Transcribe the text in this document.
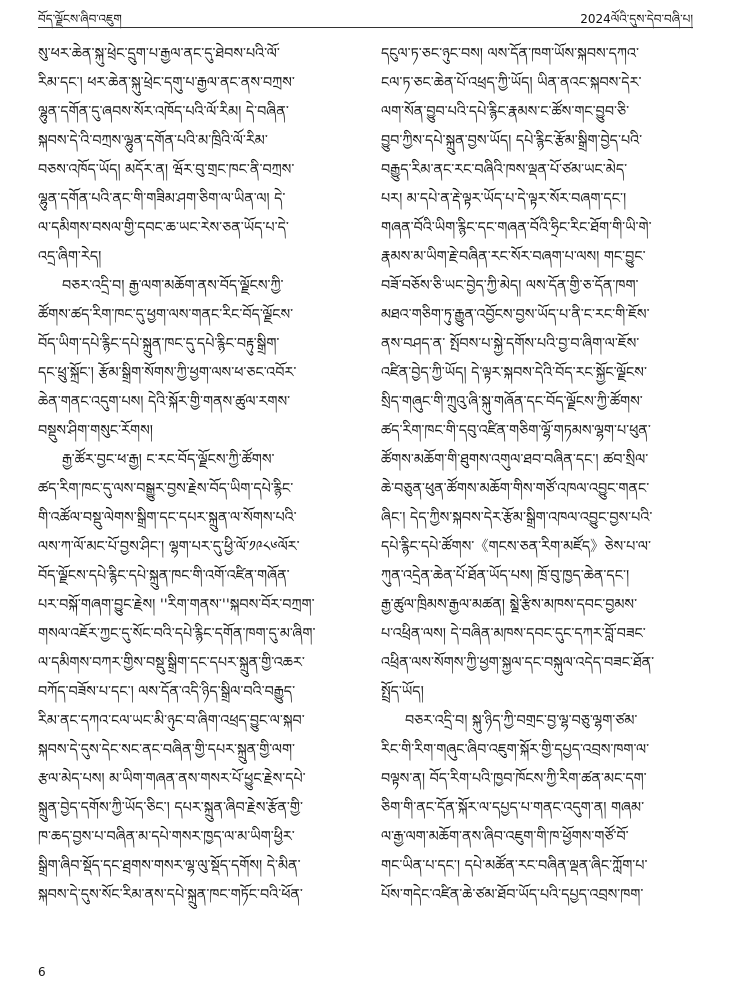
བོད་ལྗོངས་ཞིབ་འཇུག	2024ལོའི་དུས་དེབ་བཞི་པ།
སུ་ཕར་ཆེན་སྐུ་ཕྲེང་དྲུག་པ་རྒྱལ་ནང་དུ་ཐེབས་པའི་ལོ་
རིམ་དང་། ཕར་ཆེན་སྐུ་ཕྲེང་དགུ་པ་རྒྱལ་ནང་ནས་བཀྲས་
ལྷུན་དགོན་དུ་ཞབས་སོར་འཁོད་པའི་ལོ་རིམ། དེ་བཞིན་
སྐབས་དེ་འི་བཀྲས་ལྷུན་དགོན་པའི་མ་ཁྲིའི་ལོ་རིམ་
བཅས་འཁོད་ཡོད། མདོར་ན། ཝོར་བུ་གྲང་ཁང་ནི་བཀྲས་
ལྷུན་དགོན་པའི་ནང་གི་གཟིམ་ཤག་ཅིག་ལ་ཡིན་ལ། དེ་
ལ་དམིགས་བསལ་གྱི་དབང་ཆ་ཡང་རེས་ཅན་ཡོད་པ་དེ་
འདྲ་ཞིག་རེད།
བཅར་འདྲི་བ། རྒྱ་ལག་མཆོག་ནས་བོད་ལྗོངས་ཀྱི་
ཚོགས་ཚད་རིག་ཁང་དུ་ཕྱག་ལས་གནང་རིང་བོད་ལྗོངས་
བོད་ཡིག་དཔེ་རྙིང་དཔེ་སྐྲུན་ཁང་དུ་དཔེ་རྙིང་བརྟུ་སྒྲིག་
དང་ཕྲུ་སྐྲོང་། རྩོམ་སྒྲིག་སོགས་ཀྱི་ཕྱག་ལས་ཕ་ཅང་འབོར་
ཆེན་གནང་འདུག་པས། དེའི་སྐོར་གྱི་གནས་ཚུལ་རགས་
བསྡུས་ཤིག་གསུང་རོགས།
རྒྱ་ཚོར་བྱང་ཕ་རྒྱ། ང་རང་བོད་ལྗོངས་ཀྱི་ཚོགས་
ཚད་རིག་ཁང་དུ་ལས་བསྒྱུར་བྱས་རྗེས་བོད་ཡིག་དཔེ་རྙིང་
གི་འཚོལ་བསྡུ་ལེགས་སྒྲིག་དང་དཔར་སྐྲུན་ལ་སོགས་པའི་
ལས་ཀ་ལོ་མང་པོ་བྱས་ཤིང་། ལྷག་པར་དུ་ཕྱི་ལོ་༡༩༨༦ལོར་
བོད་ལྗོངས་དཔེ་རྙིང་དཔེ་སྐྲུན་ཁང་གི་འགོ་འཛིན་གཞོན་
པར་བསྐོ་གཞག་བྱུང་རྗེས། ''རིག་གནས་''སྐབས་བོར་བཀྲག་
གསལ་འཇོར་ཀྱང་དུ་སོང་བའི་དཔེ་རྙིང་དགོན་ཁག་དུ་མ་ཞིག་
ལ་དམིགས་བཀར་གྱིས་བསྡུ་སྒྲིག་དང་དཔར་སྐྲུན་གྱི་འཆར་
བཀོད་བཟོས་པ་དང་། ལས་དོན་འདི་ཉིད་སྒྲིལ་བའི་བརྒྱུད་
རིམ་ནང་དཀའ་ངལ་ཡང་མི་ཉུང་བ་ཞིག་འཕྲད་བྱུང་ལ་སྐབ་
སྐབས་དེ་དུས་དེང་སང་ནང་བཞིན་གྱི་དཔར་སྐྲུན་གྱི་ལག་
རྩལ་མེད་པས། མ་ཡིག་གཞན་ནས་གསར་པོ་ཕྱུང་རྗེས་དཔེ་
སྐྲུན་བྱེད་དགོས་ཀྱི་ཡོད་ཅིང་། དཔར་སྐྲུན་ཞིབ་རྗེས་རྩོན་གྱི་
ཁ་ཆད་བྱས་པ་བཞིན་མ་དཔེ་གསར་ཁྱད་ལ་མ་ཡིག་ཕྱིར་
སྒྲིག་ཞིབ་སྡོད་དང་ཐྲགས་གསར་ལྷ་ལུ་སྡོད་དགོས། དེ་མིན་
སྐབས་དེ་དུས་སོང་རིམ་ནས་དཔེ་སྐྲུན་ཁང་གཏོང་བའི་ཕོན་
དངུལ་ཏ་ཅང་ཉུང་བས། ལས་དོན་ཁག་ཡོས་སྐབས་དཀའ་
ངལ་ཏ་ཅང་ཆེན་པོ་འཕྲད་ཀྱི་ཡོད། ཡིན་ནའང་སྐབས་དེར་
ལག་སོན་བྱུབ་པའི་དཔེ་རྙིང་རྣམས་ང་ཚོས་གང་བྱུབ་ཅི་
བྱུབ་ཀྱིས་དཔེ་སྐྲུན་བྱས་ཡོད། དཔེ་རྙིང་རྩོམ་སྒྲིག་བྱེད་པའི་
བརྒྱུད་རིམ་ནང་རང་བཞིའི་ཁས་ལྡན་པོ་ཙམ་ཡང་མེད་
པར། མ་དཔེ་ན་རྡེ་ལྟར་ཡོད་པ་དེ་ལྟར་སོར་བཞག་དང་།
གཞན་བོའི་ཡིག་རྙིང་དང་གཞན་བོའི་ཧྲིང་རིང་ཐོག་གི་ཡི་གེ་
རྣམས་མ་ཡིག་རྗེ་བཞིན་རང་སོར་བཞག་པ་ལས། གང་བྱུང་
བཟོ་བཅོས་ཅི་ཡང་བྱེད་ཀྱི་མེད། ལས་དོན་གྱི་ཅ་དོན་ཁག་
མཐའ་གཅིག་ཏུ་རྒྱུན་འབྱོངས་བྱས་ཡོད་པ་ནི་ང་རང་གི་ཇོས་
ནས་བཤད་ན་ སྤོབས་པ་སྐྱེ་དགོས་པའི་བྱ་བ་ཞིག་ལ་ཇོས་
འཛིན་བྱེད་ཀྱི་ཡོད། དེ་ལྟར་སྐབས་དེའི་བོད་རང་སྐྱོང་ལྗོངས་
སྲིད་གཞུང་གི་ཀྲུའུ་ཞི་སྐུ་གཞོན་དང་བོད་ལྗོངས་ཀྱི་ཚོགས་
ཚད་རིག་ཁང་གི་དབུ་འཛིན་གཅིག་ལྷོ་གཏམས་ལྷག་པ་ཕུན་
ཚོགས་མཆོག་གི་ཐུགས་འགུལ་ཐབ་བཞིན་དང་། ཚབ་སྲིལ་
ཆེ་བཅུན་ཕུན་ཚོགས་མཆོག་གིས་གཙོ་འཁལ་འབྱུང་གནང་
ཞིང་། དེད་ཀྱིས་སྐབས་དེར་རྩོམ་སྒྲིག་འཁལ་འབྱུང་བྱས་པའི་
དཔེ་རྙིང་དཔེ་ཚོགས་《གངས་ཅན་རིག་མཛོད》ཅེས་པ་ལ་
ཀུན་འདྲེན་ཆེན་པོ་ཐོན་ཡོད་པས། ཁྲོ་བུ་ཁྱད་ཆེན་དང་།
རྒྱ་ཚུལ་ཁྲིམས་རྒྱལ་མཚན། སླྡེ་རྩིས་མཁས་དབང་བྱམས་
པ་འཕྲིན་ལས། དེ་བཞིན་མཁས་དབང་དུང་དཀར་བློ་བཟང་
འཕྲིན་ལས་སོགས་ཀྱི་ཕྱག་སྐྱལ་དང་བསྐུལ་འདེད་བཟང་ཐོན་
སྤྲོད་ཡོད།
བཅར་འདྲི་བ། སྐུ་ཉིད་ཀྱི་བགྲང་བྱ་ལྷ་བཅུ་ལྷག་ཙམ་
རིང་གི་རིག་གཞུང་ཞིབ་འཇུག་སྐོར་གྱི་དཔྱད་འབྲས་ཁག་ལ་
བལྟས་ན། བོད་རིག་པའི་ཁྱབ་ཁོངས་ཀྱི་རིག་ཚན་མང་དག་
ཅིག་གི་ནང་དོན་སྐོར་ལ་དཔྱད་པ་གནང་འདུག་ན། གཞམ་
ལ་རྒྱ་ལག་མཆོག་ནས་ཞིབ་འཇུག་གི་ཁ་ཕྱོགས་གཙོ་བོ་
གང་ཡིན་པ་དང་། དཔེ་མཚོན་རང་བཞིན་ལྡན་ཞིང་ཀློག་པ་
པོས་གདེང་འཛིན་ཆེ་ཙམ་ཐོབ་ཡོད་པའི་དཔྱད་འབྲས་ཁག་
6
